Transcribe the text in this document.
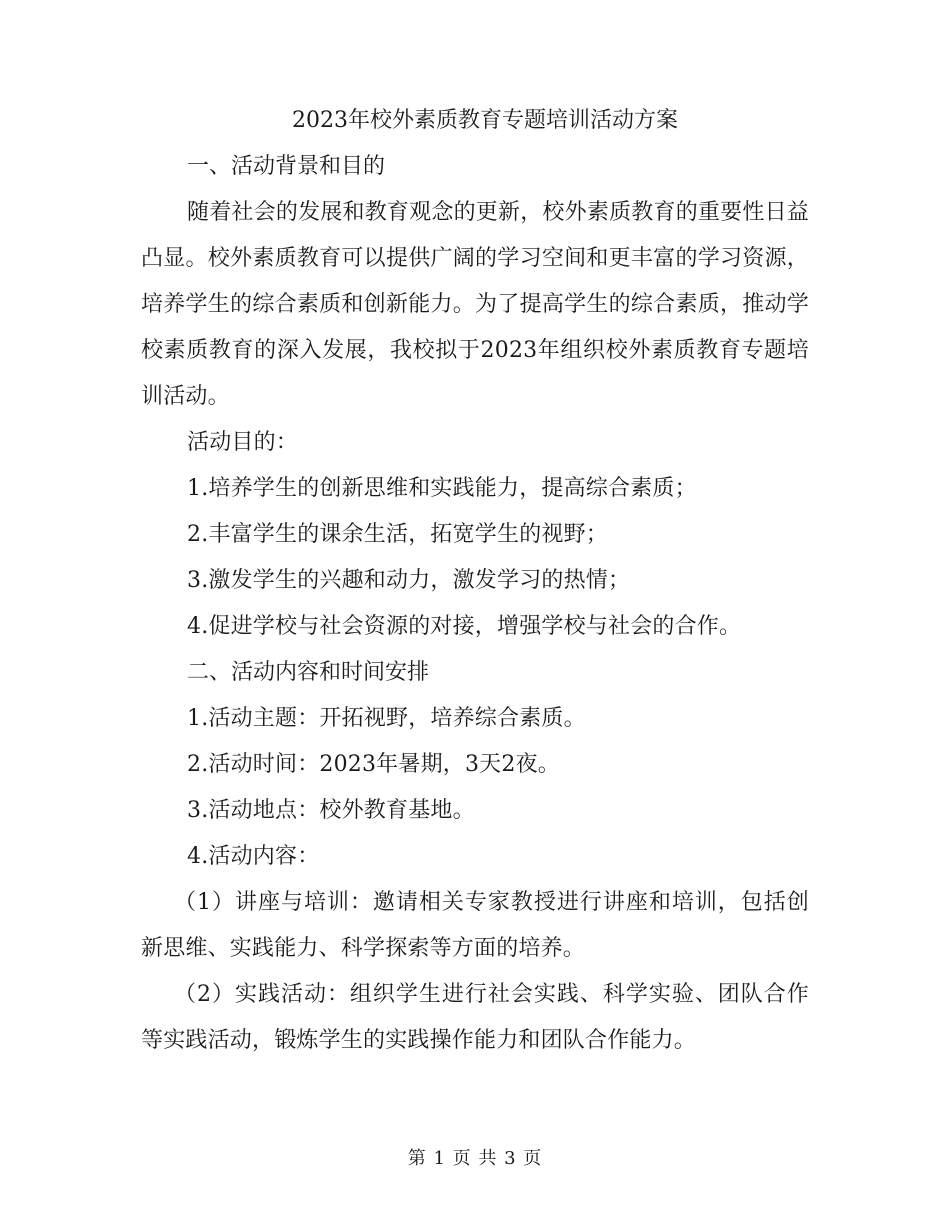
2023年校外素质教育专题培训活动方案

一、活动背景和目的

随着社会的发展和教育观念的更新，校外素质教育的重要性日益凸显。校外素质教育可以提供广阔的学习空间和更丰富的学习资源，培养学生的综合素质和创新能力。为了提高学生的综合素质，推动学校素质教育的深入发展，我校拟于2023年组织校外素质教育专题培训活动。

活动目的：

1.培养学生的创新思维和实践能力，提高综合素质；

2.丰富学生的课余生活，拓宽学生的视野；

3.激发学生的兴趣和动力，激发学习的热情；

4.促进学校与社会资源的对接，增强学校与社会的合作。

二、活动内容和时间安排

1.活动主题：开拓视野，培养综合素质。

2.活动时间：2023年暑期，3天2夜。

3.活动地点：校外教育基地。

4.活动内容：

（1）讲座与培训：邀请相关专家教授进行讲座和培训，包括创新思维、实践能力、科学探索等方面的培养。

（2）实践活动：组织学生进行社会实践、科学实验、团队合作等实践活动，锻炼学生的实践操作能力和团队合作能力。

第 1 页 共 3 页
